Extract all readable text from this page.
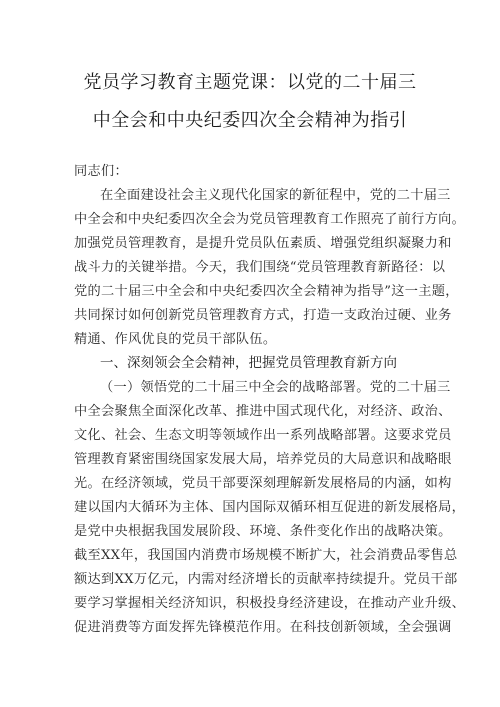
党员学习教育主题党课：以党的二十届三
中全会和中央纪委四次全会精神为指引
同志们：
在全面建设社会主义现代化国家的新征程中，党的二十届三
中全会和中央纪委四次全会为党员管理教育工作照亮了前行方向。
加强党员管理教育，是提升党员队伍素质、增强党组织凝聚力和
战斗力的关键举措。今天，我们围绕“党员管理教育新路径：以
党的二十届三中全会和中央纪委四次全会精神为指导”这一主题，
共同探讨如何创新党员管理教育方式，打造一支政治过硬、业务
精通、作风优良的党员干部队伍。
一、深刻领会全会精神，把握党员管理教育新方向
（一）领悟党的二十届三中全会的战略部署。党的二十届三
中全会聚焦全面深化改革、推进中国式现代化，对经济、政治、
文化、社会、生态文明等领域作出一系列战略部署。这要求党员
管理教育紧密围绕国家发展大局，培养党员的大局意识和战略眼
光。在经济领域，党员干部要深刻理解新发展格局的内涵，如构
建以国内大循环为主体、国内国际双循环相互促进的新发展格局，
是党中央根据我国发展阶段、环境、条件变化作出的战略决策。
截至XX年，我国国内消费市场规模不断扩大，社会消费品零售总
额达到XX万亿元，内需对经济增长的贡献率持续提升。党员干部
要学习掌握相关经济知识，积极投身经济建设，在推动产业升级、
促进消费等方面发挥先锋模范作用。在科技创新领域，全会强调
